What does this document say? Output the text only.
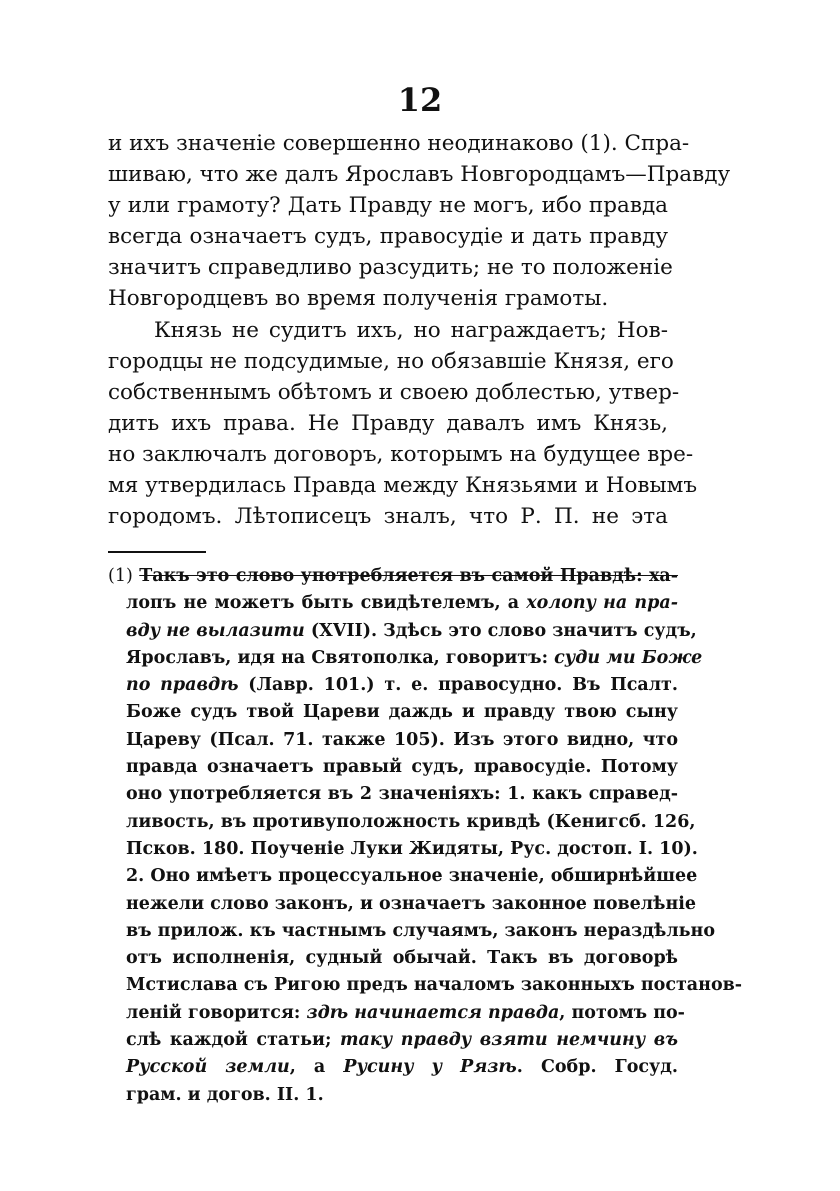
12
и ихъ значеніе совершенно неодинаково (1). Спра-
шиваю, что же далъ Ярославъ Новгородцамъ—Правду
у или грамоту? Дать Правду не могъ, ибо правда
всегда означаетъ судъ, правосудіе и дать правду
значитъ справедливо разсудить; не то положеніе
Новгородцевъ во время полученія грамоты.
Князь не судитъ ихъ, но награждаетъ; Нов-
городцы не подсудимые, но обязавшіе Князя, его
собственнымъ обѣтомъ и своею доблестью, утвер-
дить ихъ права. Не Правду давалъ имъ Князь,
но заключалъ договоръ, которымъ на будущее вре-
мя утвердилась Правда между Князьями и Новымъ
городомъ. Лѣтописецъ зналъ, что Р. П. не эта
(1) Такъ это слово употребляется въ самой Правдѣ: ха-
лопъ не можетъ быть свидѣтелемъ, а холопу на пра-
вду не вылазити (XVII). Здѣсь это слово значитъ судъ,
Ярославъ, идя на Святополка, говоритъ: суди ми Боже
по правдѣ (Лавр. 101.) т. е. правосудно. Въ Псалт.
Боже судъ твой Цареви даждь и правду твою сыну
Цареву (Псал. 71. также 105). Изъ этого видно, что
правда означаетъ правый судъ, правосудіе. Потому
оно употребляется въ 2 значеніяхъ: 1. какъ справед-
ливость, въ противуположность кривдѣ (Кенигсб. 126,
Псков. 180. Поученіе Луки Жидяты, Рус. достоп. I. 10).
2. Оно имѣетъ процессуальное значеніе, обширнѣйшее
нежели слово законъ, и означаетъ законное повелѣніе
въ прилож. къ частнымъ случаямъ, законъ нераздѣльно
отъ исполненія, судный обычай. Такъ въ договорѣ
Мстислава съ Ригою предъ началомъ законныхъ постанов-
леній говорится: здѣ начинается правда, потомъ по-
слѣ каждой статьи; таку правду взяти немчину въ
Русской земли, а Русину у Рязѣ. Собр. Госуд.
грам. и догов. II. 1.
